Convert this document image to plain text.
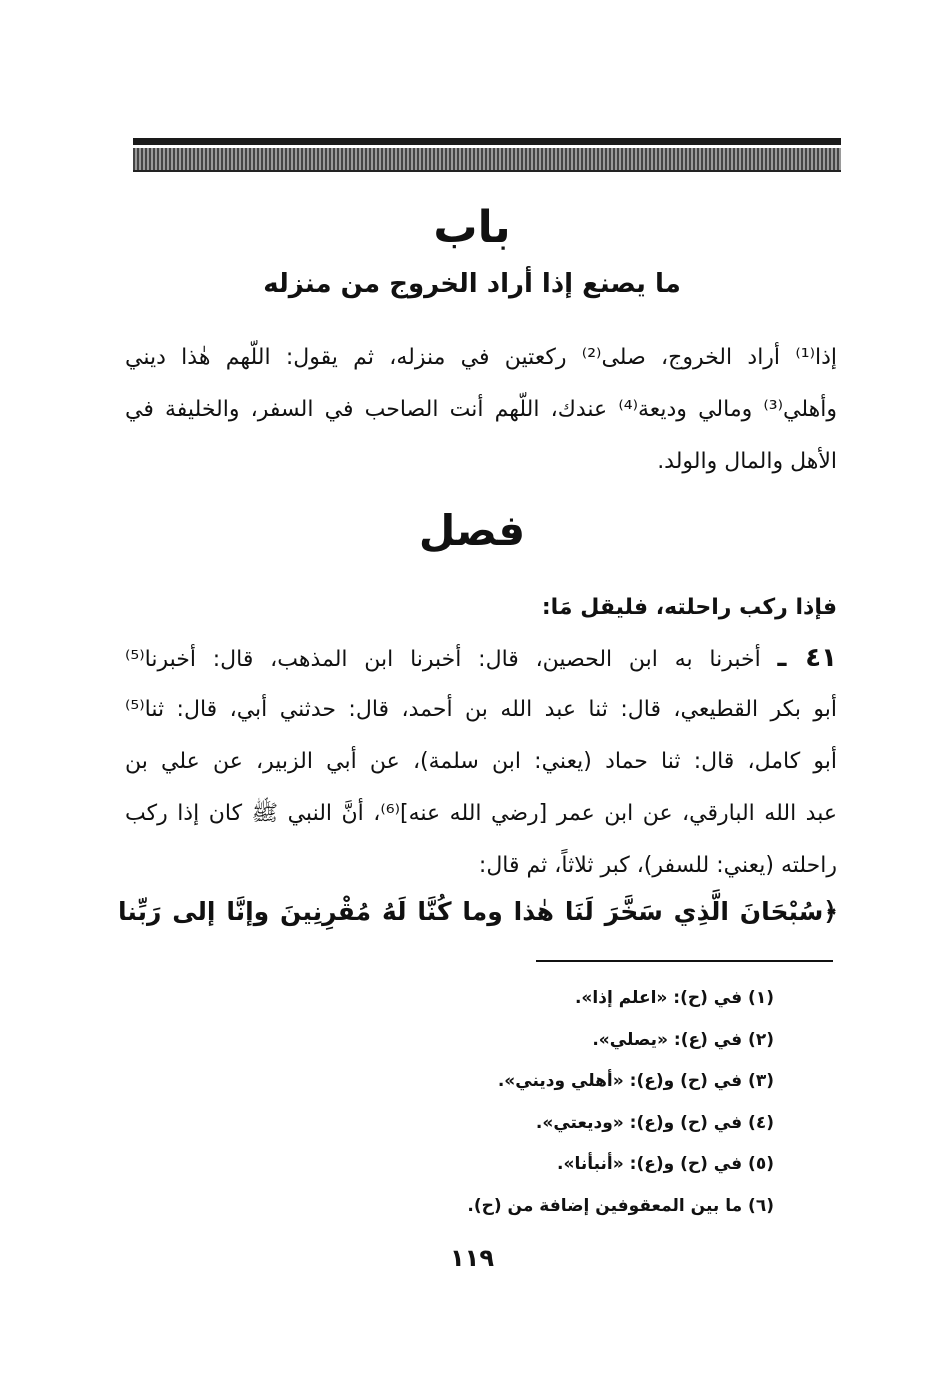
باب
ما يصنع إذا أراد الخروج من منزله

إذا⁽¹⁾ أراد الخروج، صلى⁽²⁾ ركعتين في منزله، ثم يقول: اللّهم هٰذا ديني

وأهلي⁽³⁾ ومالي وديعة⁽⁴⁾ عندك، اللّهم أنت الصاحب في السفر، والخليفة في

الأهل والمال والولد.

فصل
فإذا ركب راحلته، فليقل مَا:

٤١ ـ أخبرنا به ابن الحصين، قال: أخبرنا ابن المذهب، قال: أخبرنا⁽⁵⁾

أبو بكر القطيعي، قال: ثنا عبد الله بن أحمد، قال: حدثني أبي، قال: ثنا⁽⁵⁾

أبو كامل، قال: ثنا حماد (يعني: ابن سلمة)، عن أبي الزبير، عن علي بن

عبد الله البارقي، عن ابن عمر [رضي الله عنه]⁽⁶⁾، أنَّ النبي ﷺ كان إذا ركب

راحلته (يعني: للسفر)، كبر ثلاثاً، ثم قال:

﴿سُبْحَانَ الَّذِي سَخَّرَ لَنَا هٰذا وما كُنَّا لَهُ مُقْرِنِينَ وإنَّا إلى رَبِّنا

(١) في (ح): «اعلم إذا».

(٢) في (ع): «يصلي».

(٣) في (ح) و(ع): «أهلي وديني».

(٤) في (ح) و(ع): «وديعتي».

(٥) في (ح) و(ع): «أنبأنا».

(٦) ما بين المعقوفين إضافة من (ح).

١١٩
